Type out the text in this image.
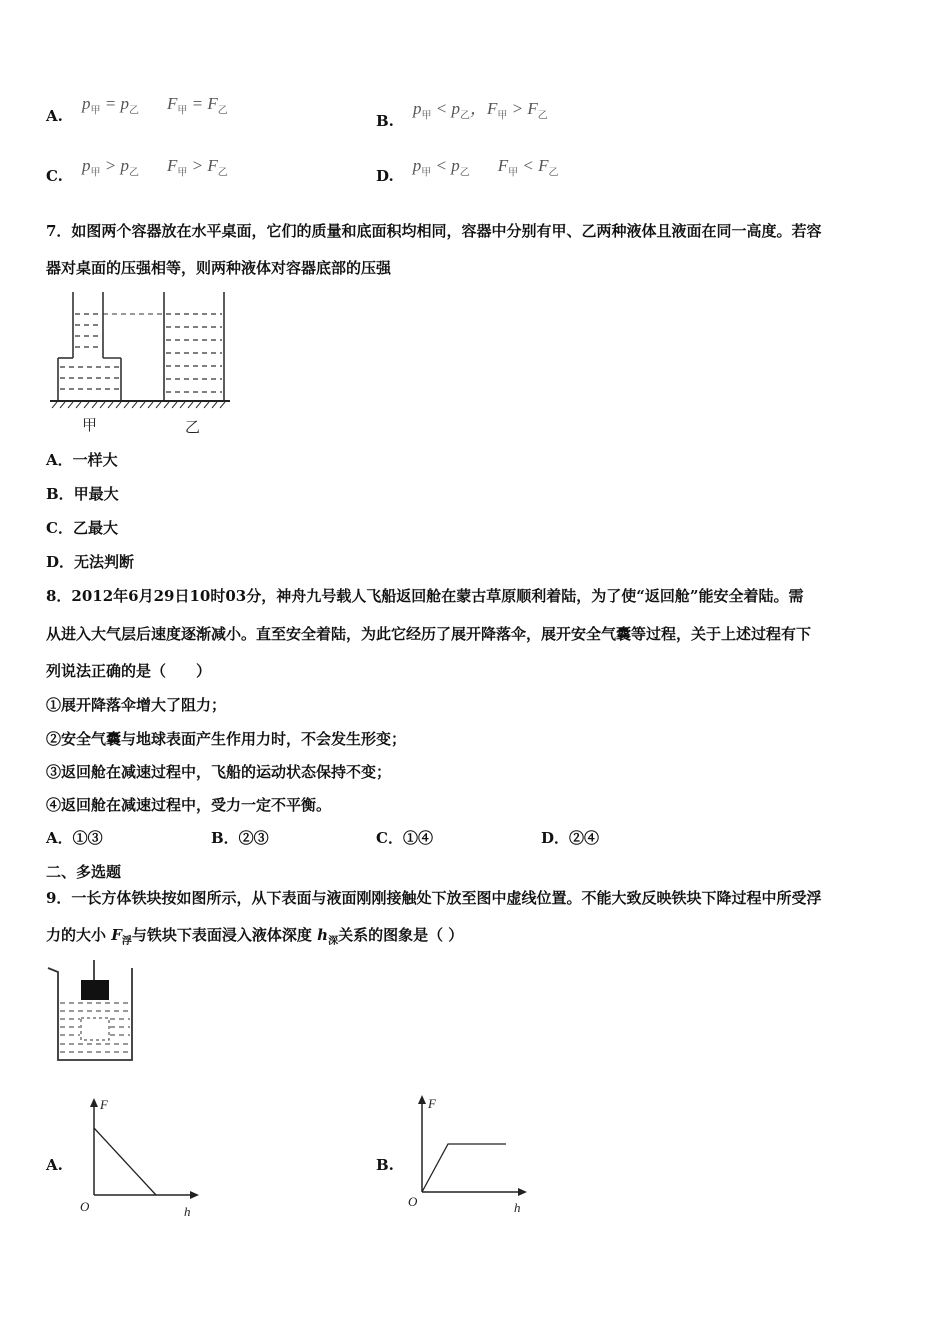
A. $p_甲 = p_乙$ $F_甲 = F_乙$
B. $p_甲 < p_乙$，$F_甲 > F_乙$
C. $p_甲 > p_乙$ $F_甲 > F_乙$	D. $p_甲 < p_乙$ $F_甲 < F_乙$
7．如图两个容器放在水平桌面，它们的质量和底面积均相同，容器中分别有甲、乙两种液体且液面在同一高度。若容
器对桌面的压强相等，则两种液体对容器底部的压强
甲	乙
A．一样大
B．甲最大
C．乙最大
D．无法判断
8．2012年6月29日10时03分，神舟九号载人飞船返回舱在蒙古草原顺利着陆，为了使“返回舱”能安全着陆。需
从进入大气层后速度逐渐减小。直至安全着陆，为此它经历了展开降落伞，展开安全气囊等过程，关于上述过程有下
列说法正确的是（　　）
①展开降落伞增大了阻力；
②安全气囊与地球表面产生作用力时，不会发生形变；
③返回舱在减速过程中，飞船的运动状态保持不变；
④返回舱在减速过程中，受力一定不平衡。
A．①③	B．②③	C．①④	D．②④
二、多选题
9．一长方体铁块按如图所示，从下表面与液面刚刚接触处下放至图中虚线位置。不能大致反映铁块下降过程中所受浮
力的大小 $F_浮$与铁块下表面浸入液体深度 $h_深$关系的图象是（ ）
A.
F
h
O
B.
F
h
O
